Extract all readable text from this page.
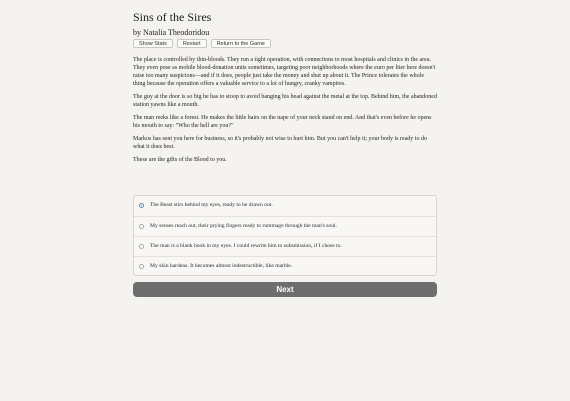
Sins of the Sires
by Natalia Theodoridou
Show Stats	Restart	Return to the Game

The place is controlled by thin-bloods. They run a tight operation, with connections to most hospitals and clinics in the area. They even pose as mobile blood-donation units sometimes, targeting poor neighborhoods where the euro per liter here doesn't raise too many suspicions—and if it does, people just take the money and shut up about it. The Prince tolerates the whole thing because the operation offers a valuable service to a lot of hungry, cranky vampires.

The guy at the door is so big he has to stoop to avoid banging his head against the metal at the top. Behind him, the abandoned station yawns like a mouth.

The man reeks like a forest. He makes the little hairs on the nape of your neck stand on end. And that's even before he opens his mouth to say: "Who the hell are you?"

Markos has sent you here for business, so it's probably not wise to hurt him. But you can't help it; your body is ready to do what it does best.

These are the gifts of the Blood to you.

The Beast stirs behind my eyes, ready to be drawn out.
My senses reach out, their prying fingers ready to rummage through the man's soul.
The man is a blank book in my eyes. I could rewrite him to subsmission, if I chose to.
My skin hardens. It becomes almost indestructible, like marble.
Next
